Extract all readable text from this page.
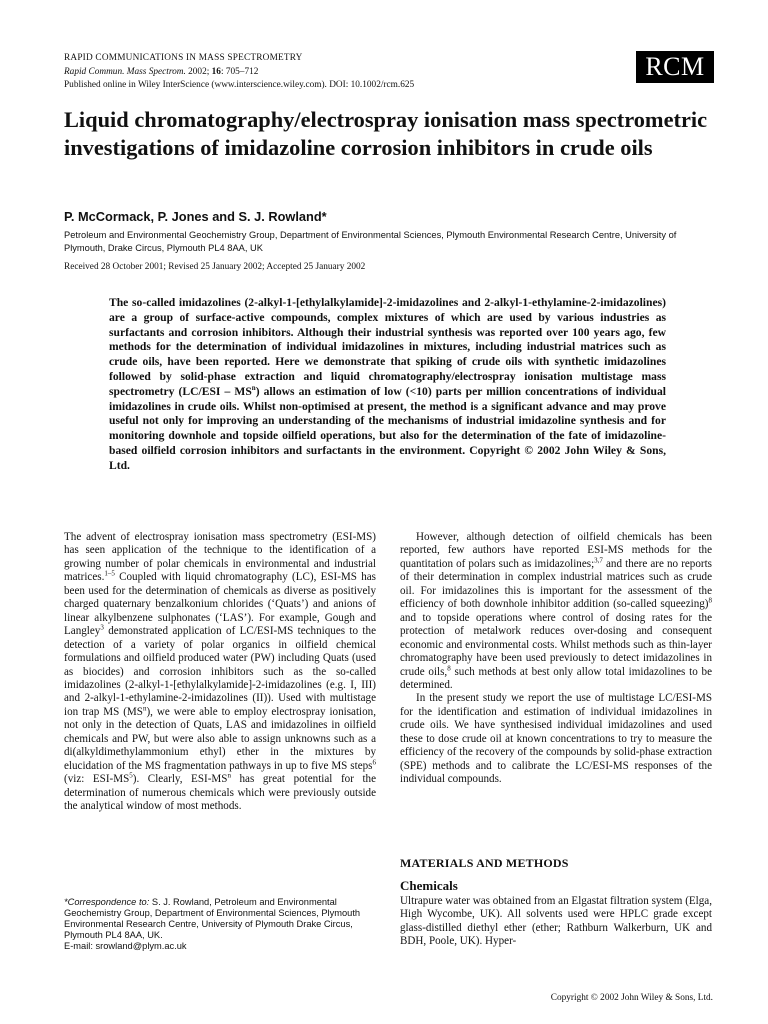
RAPID COMMUNICATIONS IN MASS SPECTROMETRY
Rapid Commun. Mass Spectrom. 2002; 16: 705–712
Published online in Wiley InterScience (www.interscience.wiley.com). DOI: 10.1002/rcm.625
RCM
Liquid chromatography/electrospray ionisation mass spectrometric investigations of imidazoline corrosion inhibitors in crude oils
P. McCormack, P. Jones and S. J. Rowland*
Petroleum and Environmental Geochemistry Group, Department of Environmental Sciences, Plymouth Environmental Research Centre, University of Plymouth, Drake Circus, Plymouth PL4 8AA, UK
Received 28 October 2001; Revised 25 January 2002; Accepted 25 January 2002
The so-called imidazolines (2-alkyl-1-[ethylalkylamide]-2-imidazolines and 2-alkyl-1-ethylamine-2-imidazolines) are a group of surface-active compounds, complex mixtures of which are used by various industries as surfactants and corrosion inhibitors. Although their industrial synthesis was reported over 100 years ago, few methods for the determination of individual imidazolines in mixtures, including industrial matrices such as crude oils, have been reported. Here we demonstrate that spiking of crude oils with synthetic imidazolines followed by solid-phase extraction and liquid chromatography/electrospray ionisation multistage mass spectrometry $(LC/ESI - MS^n)$ allows an estimation of low (<10) parts per million concentrations of individual imidazolines in crude oils. Whilst non-optimised at present, the method is a significant advance and may prove useful not only for improving an understanding of the mechanisms of industrial imidazoline synthesis and for monitoring downhole and topside oilfield operations, but also for the determination of the fate of imidazoline-based oilfield corrosion inhibitors and surfactants in the environment. Copyright © 2002 John Wiley & Sons, Ltd.

The advent of electrospray ionisation mass spectrometry (ESI-MS) has seen application of the technique to the identification of a growing number of polar chemicals in environmental and industrial matrices.$^{1-5}$ Coupled with liquid chromatography (LC), ESI-MS has been used for the determination of chemicals as diverse as positively charged quaternary benzalkonium chlorides (‘Quats’) and anions of linear alkylbenzene sulphonates (‘LAS’). For example, Gough and Langley$^3$ demonstrated application of LC/ESI-MS techniques to the detection of a variety of polar organics in oilfield chemical formulations and oilfield produced water (PW) including Quats (used as biocides) and corrosion inhibitors such as the so-called imidazolines (2-alkyl-1-[ethylalkylamide]-2-imidazolines (e.g. I, III) and 2-alkyl-1-ethylamine-2-imidazolines (II)). Used with multistage ion trap MS $(MS^n)$, we were able to employ electrospray ionisation, not only in the detection of Quats, LAS and imidazolines in oilfield chemicals and PW, but were also able to assign unknowns such as a di(alkyldimethylammonium ethyl) ether in the mixtures by elucidation of the MS fragmentation pathways in up to five MS steps$^6$ (viz: ESI-$MS^5$). Clearly, ESI-$MS^n$ has great potential for the determination of numerous chemicals which were previously outside the analytical window of most methods.

*Correspondence to: S. J. Rowland, Petroleum and Environmental Geochemistry Group, Department of Environmental Sciences, Plymouth Environmental Research Centre, University of Plymouth Drake Circus, Plymouth PL4 8AA, UK.
E-mail: srowland@plym.ac.uk

However, although detection of oilfield chemicals has been reported, few authors have reported ESI-MS methods for the quantitation of polars such as imidazolines;$^{3,7}$ and there are no reports of their determination in complex industrial matrices such as crude oil. For imidazolines this is important for the assessment of the efficiency of both downhole inhibitor addition (so-called squeezing)$^8$ and to topside operations where control of dosing rates for the protection of metalwork reduces over-dosing and consequent economic and environmental costs. Whilst methods such as thin-layer chromatography have been used previously to detect imidazolines in crude oils,$^8$ such methods at best only allow total imidazolines to be determined.

In the present study we report the use of multistage LC/ESI-MS for the identification and estimation of individual imidazolines in crude oils. We have synthesised individual imidazolines and used these to dose crude oil at known concentrations to try to measure the efficiency of the recovery of the compounds by solid-phase extraction (SPE) methods and to calibrate the LC/ESI-MS responses of the individual compounds.

MATERIALS AND METHODS
Chemicals
Ultrapure water was obtained from an Elgastat filtration system (Elga, High Wycombe, UK). All solvents used were HPLC grade except glass-distilled diethyl ether (ether; Rathburn Walkerburn, UK and BDH, Poole, UK). Hyper-
Copyright © 2002 John Wiley & Sons, Ltd.
